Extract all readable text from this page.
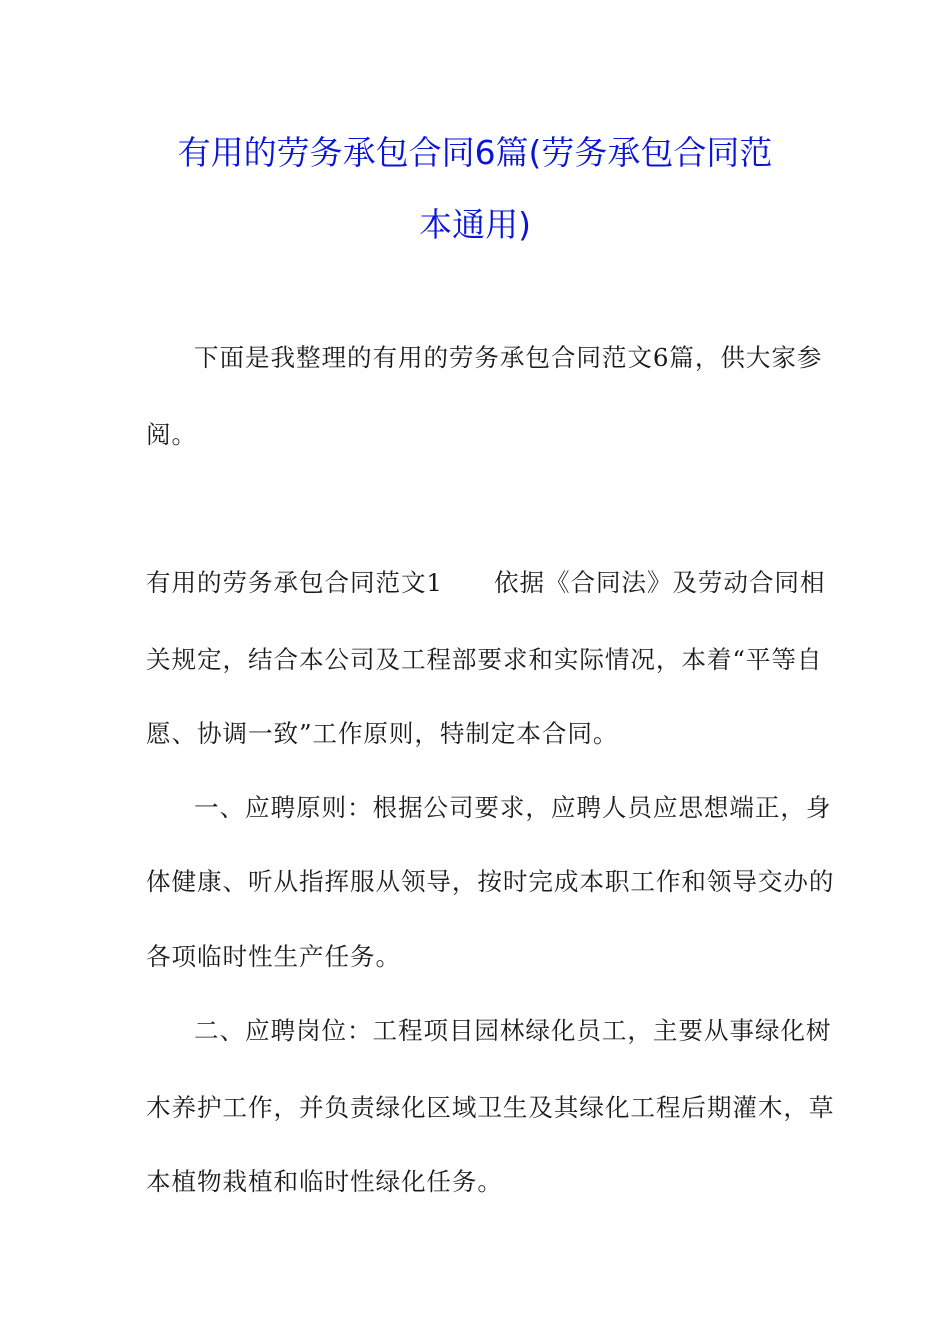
有用的劳务承包合同6篇(劳务承包合同范
本通用)
下面是我整理的有用的劳务承包合同范文6篇，供大家参
阅。
有用的劳务承包合同范文1　　依据《合同法》及劳动合同相
关规定，结合本公司及工程部要求和实际情况，本着“平等自
愿、协调一致”工作原则，特制定本合同。
一、应聘原则：根据公司要求，应聘人员应思想端正，身
体健康、听从指挥服从领导，按时完成本职工作和领导交办的
各项临时性生产任务。
二、应聘岗位：工程项目园林绿化员工，主要从事绿化树
木养护工作，并负责绿化区域卫生及其绿化工程后期灌木，草
本植物栽植和临时性绿化任务。
